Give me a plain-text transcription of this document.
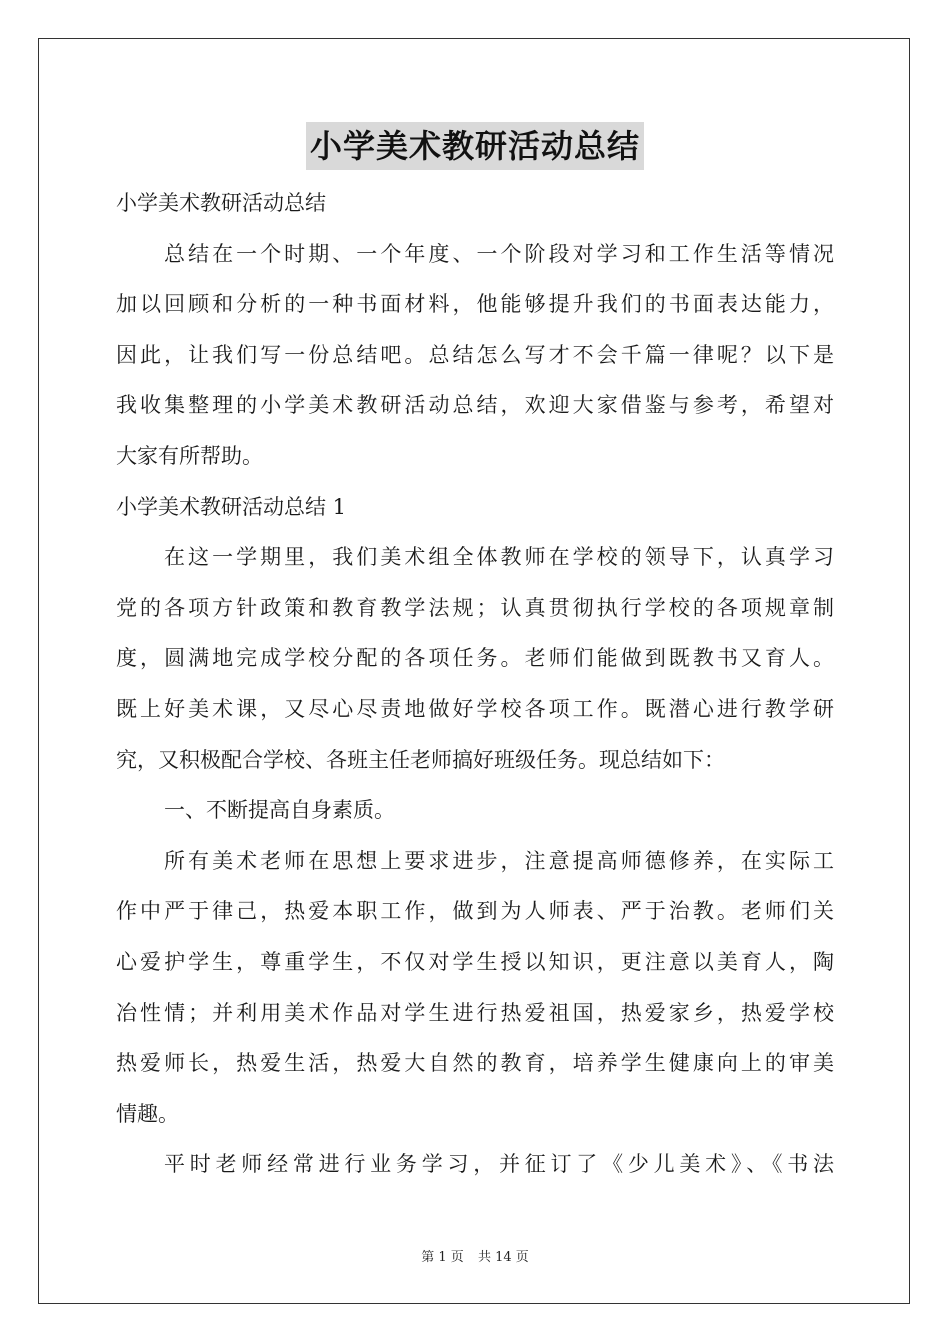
小学美术教研活动总结
小学美术教研活动总结
总结在一个时期、一个年度、一个阶段对学习和工作生活等情况
加以回顾和分析的一种书面材料，他能够提升我们的书面表达能力，
因此，让我们写一份总结吧。总结怎么写才不会千篇一律呢？以下是
我收集整理的小学美术教研活动总结，欢迎大家借鉴与参考，希望对
大家有所帮助。
小学美术教研活动总结 1
在这一学期里，我们美术组全体教师在学校的领导下，认真学习
党的各项方针政策和教育教学法规；认真贯彻执行学校的各项规章制
度，圆满地完成学校分配的各项任务。老师们能做到既教书又育人。
既上好美术课，又尽心尽责地做好学校各项工作。既潜心进行教学研
究，又积极配合学校、各班主任老师搞好班级任务。现总结如下：
一、不断提高自身素质。
所有美术老师在思想上要求进步，注意提高师德修养，在实际工
作中严于律己，热爱本职工作，做到为人师表、严于治教。老师们关
心爱护学生，尊重学生，不仅对学生授以知识，更注意以美育人，陶
冶性情；并利用美术作品对学生进行热爱祖国，热爱家乡，热爱学校
热爱师长，热爱生活，热爱大自然的教育，培养学生健康向上的审美
情趣。
平时老师经常进行业务学习，并征订了《少儿美术》、《书法
第 1 页 共 14 页
